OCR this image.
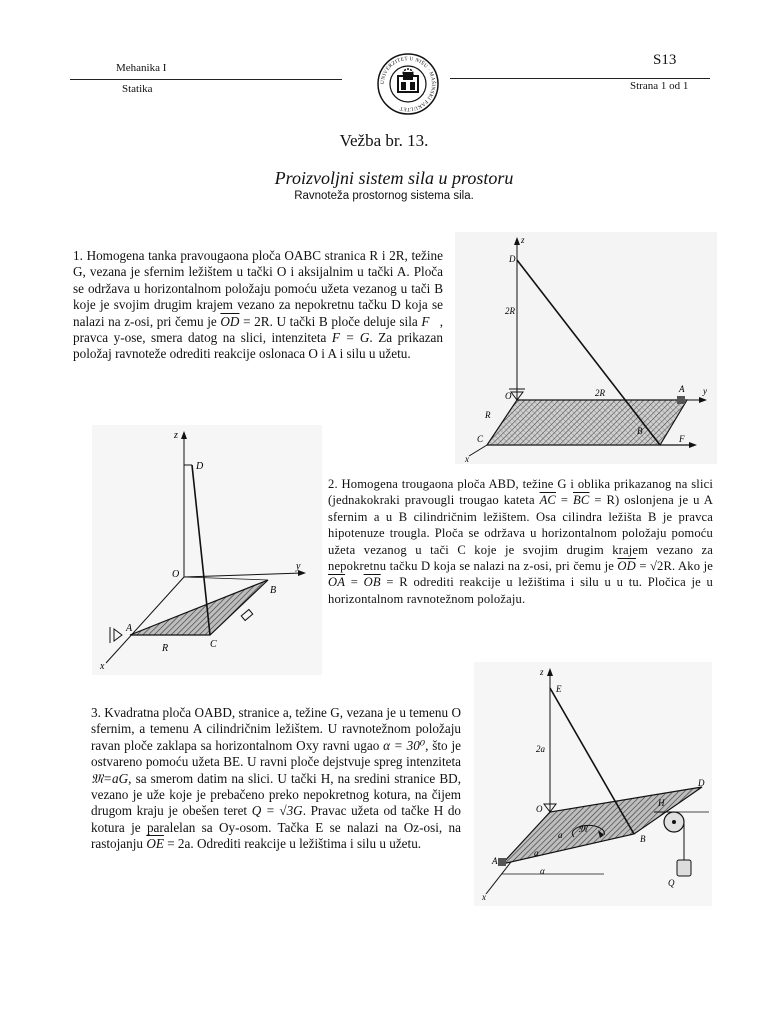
Mehanika I
Statika
S13
Strana 1 od 1
UNIVERZITET U NIŠU · MAŠINSKI FAKULTET
Vežba br. 13.
Proizvoljni sistem sila u prostoru
Ravnoteža prostornog sistema sila.
1. Homogena tanka pravougaona ploča OABC stranica R i 2R, težine G, vezana je sfernim ležištem u tački O i aksijalnim u tački A. Ploča se održava u horizontalnom položaju pomoću užeta vezanog u tači B koje je svojim drugim krajem vezano za nepokretnu tačku D koja se nalazi na z-osi, pri čemu je $\overline{OD} = 2R$. U tački B ploče deluje sila F⃗, pravca y-ose, smera datog na slici, intenziteta F = G. Za prikazan položaj ravnoteže odrediti reakcije oslonaca O i A i silu u užetu.
z
D
2R
O	2R	A y
R
B
C	F
x
z
D
O
y
B
A
R	C
x
2. Homogena trougaona ploča ABD, težine G i oblika prikazanog na slici (jednakokraki pravougli trougao kateta $\overline{AC} = \overline{BC} = R$) oslonjena je u A sfernim a u B cilindričnim ležištem. Osa cilindra ležišta B je pravca hipotenuze trougla. Ploča se održava u horizontalnom položaju pomoću užeta vezanog u tači C koje je svojim drugim krajem vezano za nepokretnu tačku D koja se nalazi na z-osi, pri čemu je $\overline{OD} = √2R$. Ako je $\overline{OA} = \overline{OB} = R$ odrediti reakcije u ležištima i silu u u tu. Pločica je u horizontalnom ravnotežnom položaju.
3. Kvadratna ploča OABD, stranice a, težine G, vezana je u temenu O sfernim, a temenu A cilindričnim ležištem. U ravnotežnom položaju ravan ploče zaklapa sa horizontalnom Oxy ravni ugao α = 30⁰, što je ostvareno pomoću užeta BE. U ravni ploče dejstvuje spreg intenziteta 𝔐=aG, sa smerom datim na slici. U tački H, na sredini stranice BD, vezano je uže koje je prebačeno preko nepokretnog kotura, na čijem drugom kraju je obešen teret Q = √3G. Pravac užeta od tačke H do kotura je paralelan sa Oy-osom. Tačka E se nalazi na Oz-osi, na rastojanju $\overline{OE} = 2a$. Odrediti reakcije u ležištima i silu u užetu.
z
E
2a
D
O
H
𝔐
B
a
a
A
α
Q
x
